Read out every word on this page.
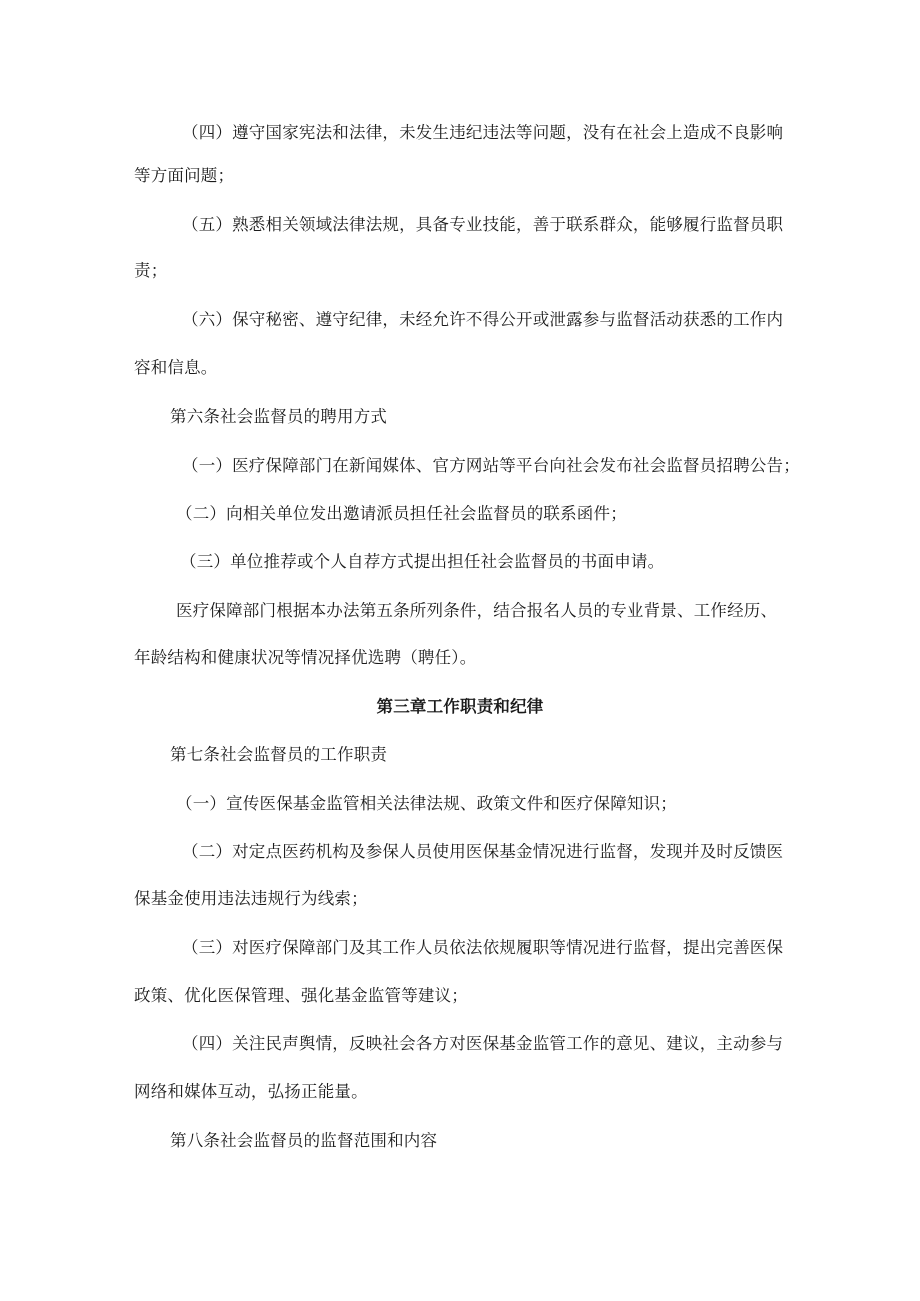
（四）遵守国家宪法和法律，未发生违纪违法等问题，没有在社会上造成不良影响
等方面问题；
（五）熟悉相关领域法律法规，具备专业技能，善于联系群众，能够履行监督员职
责；
（六）保守秘密、遵守纪律，未经允许不得公开或泄露参与监督活动获悉的工作内
容和信息。
第六条社会监督员的聘用方式
（一）医疗保障部门在新闻媒体、官方网站等平台向社会发布社会监督员招聘公告；
（二）向相关单位发出邀请派员担任社会监督员的联系函件；
（三）单位推荐或个人自荐方式提出担任社会监督员的书面申请。
医疗保障部门根据本办法第五条所列条件，结合报名人员的专业背景、工作经历、
年龄结构和健康状况等情况择优选聘（聘任）。
第三章工作职责和纪律
第七条社会监督员的工作职责
（一）宣传医保基金监管相关法律法规、政策文件和医疗保障知识；
（二）对定点医药机构及参保人员使用医保基金情况进行监督，发现并及时反馈医
保基金使用违法违规行为线索；
（三）对医疗保障部门及其工作人员依法依规履职等情况进行监督，提出完善医保
政策、优化医保管理、强化基金监管等建议；
（四）关注民声舆情，反映社会各方对医保基金监管工作的意见、建议，主动参与
网络和媒体互动，弘扬正能量。
第八条社会监督员的监督范围和内容
